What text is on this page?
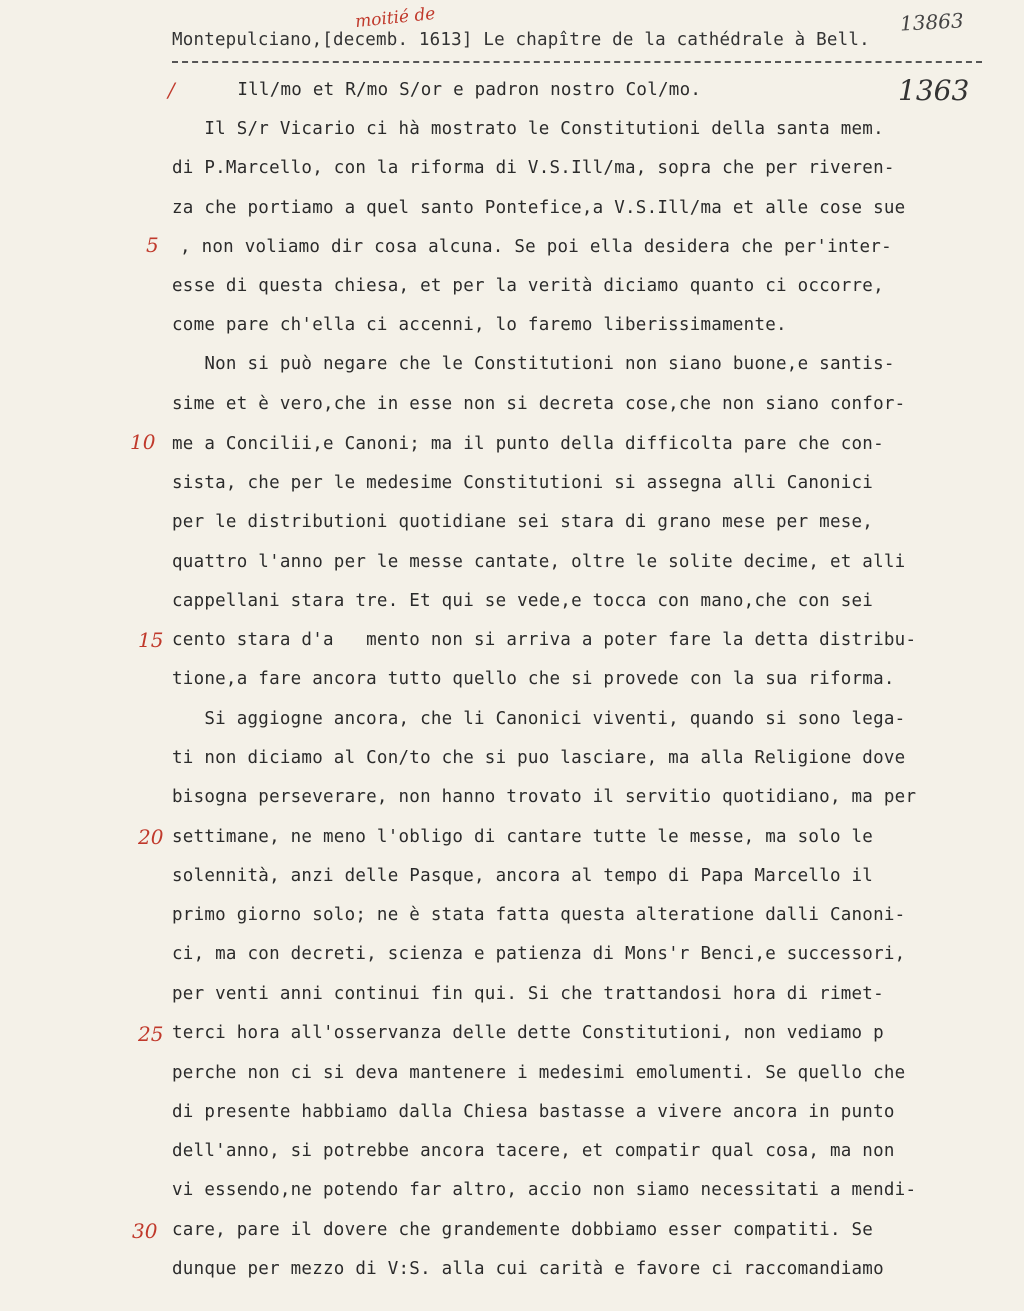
moitié de	13863
Montepulciano,[decemb. 1613] Le chapître de la cathédrale à Bell.
1363
/
5
10
15
20
25
30
Ill/mo et R/mo S/or e padron nostro Col/mo.
Il S/r Vicario ci hà mostrato le Constitutioni della santa mem.
di P.Marcello, con la riforma di V.S.Ill/ma, sopra che per riveren-
za che portiamo a quel santo Pontefice,a V.S.Ill/ma et alle cose sue
, non voliamo dir cosa alcuna. Se poi ella desidera che per'inter-
esse di questa chiesa, et per la verità diciamo quanto ci occorre,
come pare ch'ella ci accenni, lo faremo liberissimamente.
Non si può negare che le Constitutioni non siano buone,e santis-
sime et è vero,che in esse non si decreta cose,che non siano confor-
me a Concilii,e Canoni; ma il punto della difficolta pare che con-
sista, che per le medesime Constitutioni si assegna alli Canonici
per le distributioni quotidiane sei stara di grano mese per mese,
quattro l'anno per le messe cantate, oltre le solite decime, et alli
cappellani stara tre. Et qui se vede,e tocca con mano,che con sei
cento stara d'a   mento non si arriva a poter fare la detta distribu-
tione,a fare ancora tutto quello che si provede con la sua riforma.
Si aggiogne ancora, che li Canonici viventi, quando si sono lega-
ti non diciamo al Con/to che si puo lasciare, ma alla Religione dove
bisogna perseverare, non hanno trovato il servitio quotidiano, ma per
settimane, ne meno l'obligo di cantare tutte le messe, ma solo le
solennità, anzi delle Pasque, ancora al tempo di Papa Marcello il
primo giorno solo; ne è stata fatta questa alteratione dalli Canoni-
ci, ma con decreti, scienza e patienza di Mons'r Benci,e successori,
per venti anni continui fin qui. Si che trattandosi hora di rimet-
terci hora all'osservanza delle dette Constitutioni, non vediamo p
perche non ci si deva mantenere i medesimi emolumenti. Se quello che
di presente habbiamo dalla Chiesa bastasse a vivere ancora in punto
dell'anno, si potrebbe ancora tacere, et compatir qual cosa, ma non
vi essendo,ne potendo far altro, accio non siamo necessitati a mendi-
care, pare il dovere che grandemente dobbiamo esser compatiti. Se
dunque per mezzo di V:S. alla cui carità e favore ci raccomandiamo
